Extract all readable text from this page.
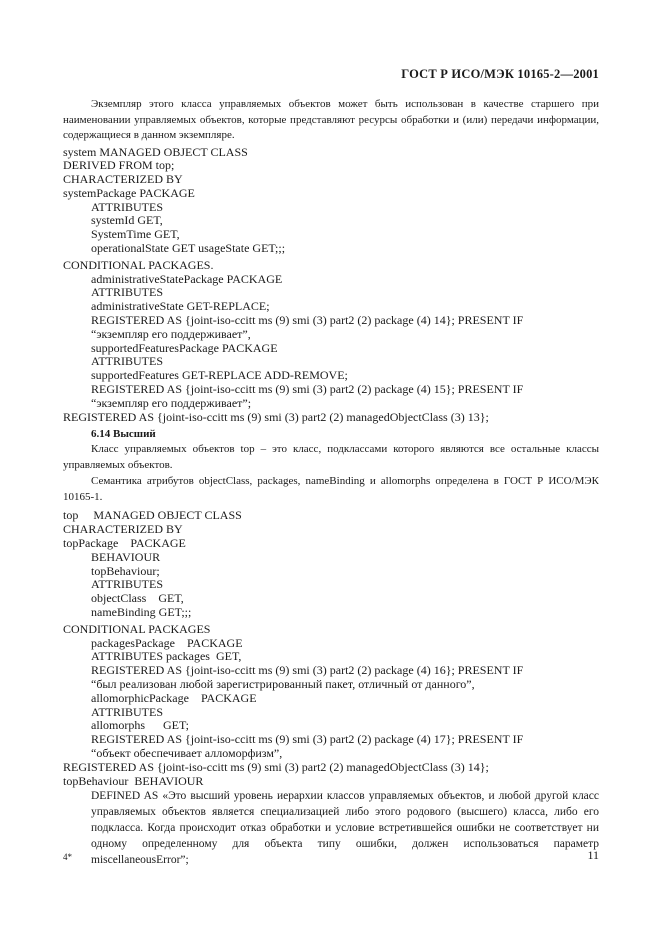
ГОСТ Р ИСО/МЭК 10165-2—2001

Экземпляр этого класса управляемых объектов может быть использован в качестве старшего при наименовании управляемых объектов, которые представляют ресурсы обработки и (или) передачи информации, содержащиеся в данном экземпляре.

system MANAGED OBJECT CLASS
DERIVED FROM top;
CHARACTERIZED BY
systemPackage PACKAGE
ATTRIBUTES
systemId GET,
SystemTime GET,
operationalState GET usageState GET;;;
CONDITIONAL PACKAGES.
administrativeStatePackage PACKAGE
ATTRIBUTES
administrativeState GET-REPLACE;
REGISTERED AS {joint-iso-ccitt ms (9) smi (3) part2 (2) package (4) 14}; PRESENT IF
“экземпляр его поддерживает”,
supportedFeaturesPackage PACKAGE
ATTRIBUTES
supportedFeatures GET-REPLACE ADD-REMOVE;
REGISTERED AS {joint-iso-ccitt ms (9) smi (3) part2 (2) package (4) 15}; PRESENT IF
“экземпляр его поддерживает”;
REGISTERED AS {joint-iso-ccitt ms (9) smi (3) part2 (2) managedObjectClass (3) 13};
6.14 Высший

Класс управляемых объектов top – это класс, подклассами которого являются все остальные классы управляемых объектов.

Семантика атрибутов objectClass, packages, nameBinding и allomorphs определена в ГОСТ Р ИСО/МЭК 10165-1.

top     MANAGED OBJECT CLASS
CHARACTERIZED BY
topPackage    PACKAGE
BEHAVIOUR
topBehaviour;
ATTRIBUTES
objectClass    GET,
nameBinding GET;;;
CONDITIONAL PACKAGES
packagesPackage    PACKAGE
ATTRIBUTES packages  GET,
REGISTERED AS {joint-iso-ccitt ms (9) smi (3) part2 (2) package (4) 16}; PRESENT IF
“был реализован любой зарегистрированный пакет, отличный от данного”,
allomorphicPackage    PACKAGE
ATTRIBUTES
allomorphs      GET;
REGISTERED AS {joint-iso-ccitt ms (9) smi (3) part2 (2) package (4) 17}; PRESENT IF
“объект обеспечивает алломорфизм”,
REGISTERED AS {joint-iso-ccitt ms (9) smi (3) part2 (2) managedObjectClass (3) 14};
topBehaviour  BEHAVIOUR
DEFINED AS «Это высший уровень иерархии классов управляемых объектов, и любой другой класс управляемых объектов является специализацией либо этого родового (высшего) класса, либо его подкласса. Когда происходит отказ обработки и условие встретившейся ошибки не соответствует ни одному определенному для объекта типу ошибки, должен использоваться параметр miscellaneousError”;
4*	11
